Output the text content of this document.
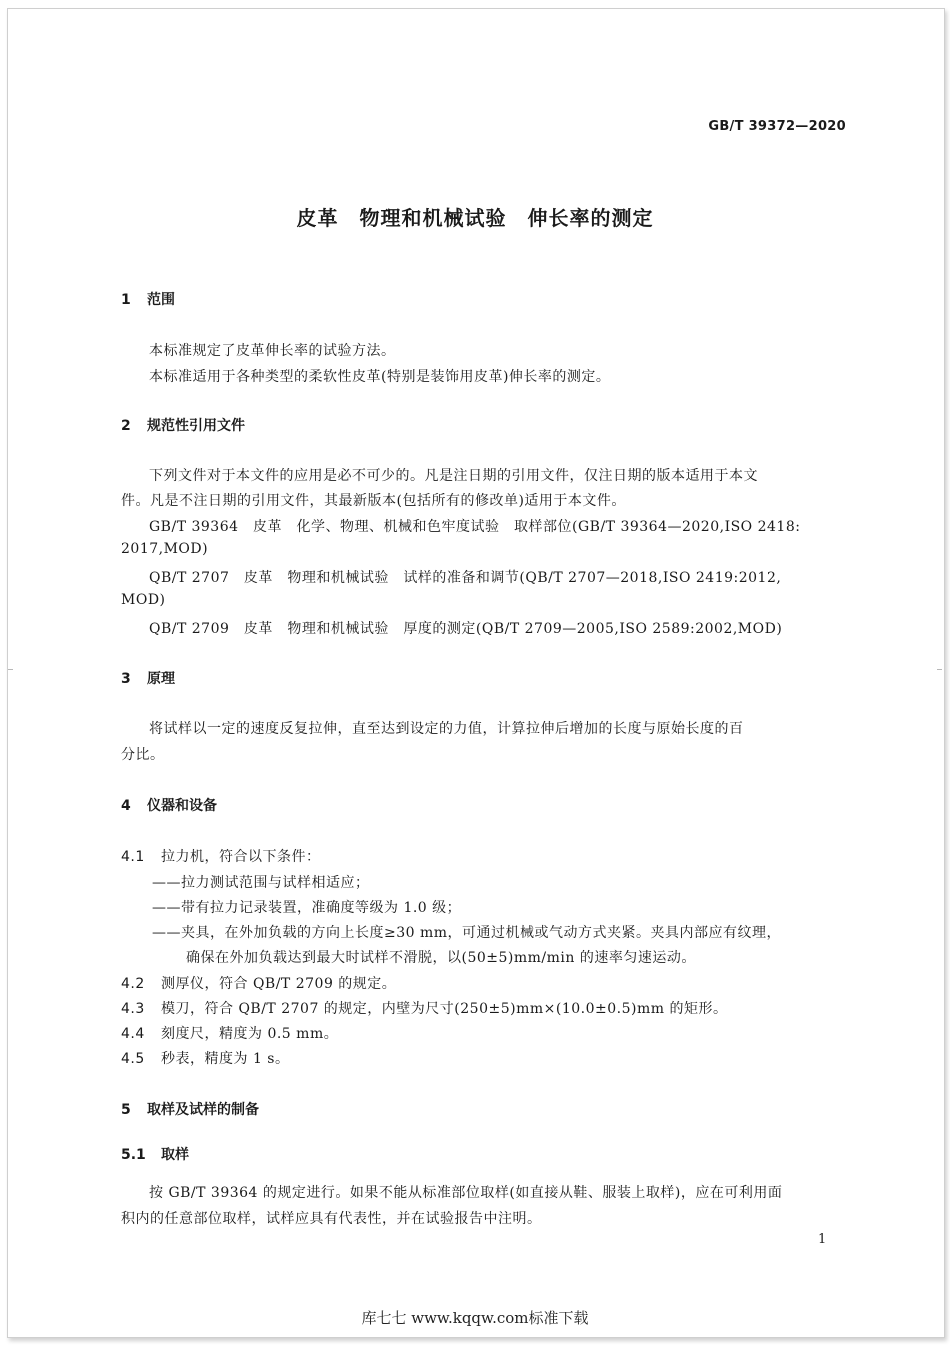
GB/T 39372—2020
皮革　物理和机械试验　伸长率的测定
1 范围
本标准规定了皮革伸长率的试验方法。
本标准适用于各种类型的柔软性皮革(特别是装饰用皮革)伸长率的测定。
2 规范性引用文件
下列文件对于本文件的应用是必不可少的。凡是注日期的引用文件，仅注日期的版本适用于本文
件。凡是不注日期的引用文件，其最新版本(包括所有的修改单)适用于本文件。
GB/T 39364　皮革　化学、物理、机械和色牢度试验　取样部位(GB/T 39364—2020,ISO 2418:
2017,MOD)
QB/T 2707　皮革　物理和机械试验　试样的准备和调节(QB/T 2707—2018,ISO 2419:2012,
MOD)
QB/T 2709　皮革　物理和机械试验　厚度的测定(QB/T 2709—2005,ISO 2589:2002,MOD)
3 原理
将试样以一定的速度反复拉伸，直至达到设定的力值，计算拉伸后增加的长度与原始长度的百
分比。
4 仪器和设备
4.1 拉力机，符合以下条件：
——拉力测试范围与试样相适应；
——带有拉力记录装置，准确度等级为 1.0 级；
——夹具，在外加负载的方向上长度≥30 mm，可通过机械或气动方式夹紧。夹具内部应有纹理，
确保在外加负载达到最大时试样不滑脱，以(50±5)mm/min 的速率匀速运动。
4.2 测厚仪，符合 QB/T 2709 的规定。
4.3 模刀，符合 QB/T 2707 的规定，内壁为尺寸(250±5)mm×(10.0±0.5)mm 的矩形。
4.4 刻度尺，精度为 0.5 mm。
4.5 秒表，精度为 1 s。
5 取样及试样的制备
5.1 取样
按 GB/T 39364 的规定进行。如果不能从标准部位取样(如直接从鞋、服装上取样)，应在可利用面
积内的任意部位取样，试样应具有代表性，并在试验报告中注明。
1
库七七 www.kqqw.com标准下载
